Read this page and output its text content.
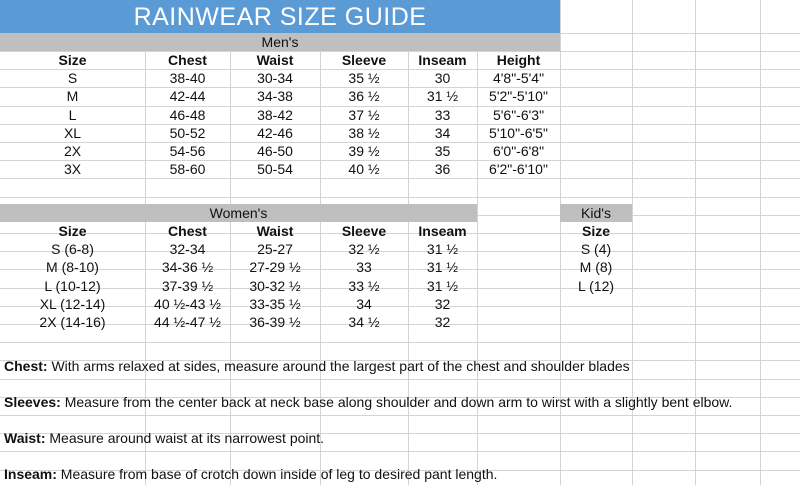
RAINWEAR SIZE GUIDE
Men's
Size	Chest	Waist	Sleeve	Inseam	Height
S	38-40	30-34	35 ½	30	4'8"-5'4"
M	42-44	34-38	36 ½	31 ½	5'2"-5'10"
L	46-48	38-42	37 ½	33	5'6"-6'3"
XL	50-52	42-46	38 ½	34	5'10"-6'5"
2X	54-56	46-50	39 ½	35	6'0"-6'8"
3X	58-60	50-54	40 ½	36	6'2"-6'10"
Women's	Kid's
Size	Chest	Waist	Sleeve	Inseam
S (6-8)	32-34	25-27	32 ½	31 ½
M (8-10)	34-36 ½	27-29 ½	33	31 ½
L (10-12)	37-39 ½	30-32 ½	33 ½	31 ½
XL (12-14)	40 ½-43 ½	33-35 ½	34	32
2X (14-16)	44 ½-47 ½	36-39 ½	34 ½	32
Size
S (4)
M (8)
L (12)
Chest: With arms relaxed at sides, measure around the largest part of the chest and shoulder blades
Sleeves: Measure from the center back at neck base along shoulder and down arm to wirst with a slightly bent elbow.
Waist: Measure around waist at its narrowest point.
Inseam: Measure from base of crotch down inside of leg to desired pant length.
